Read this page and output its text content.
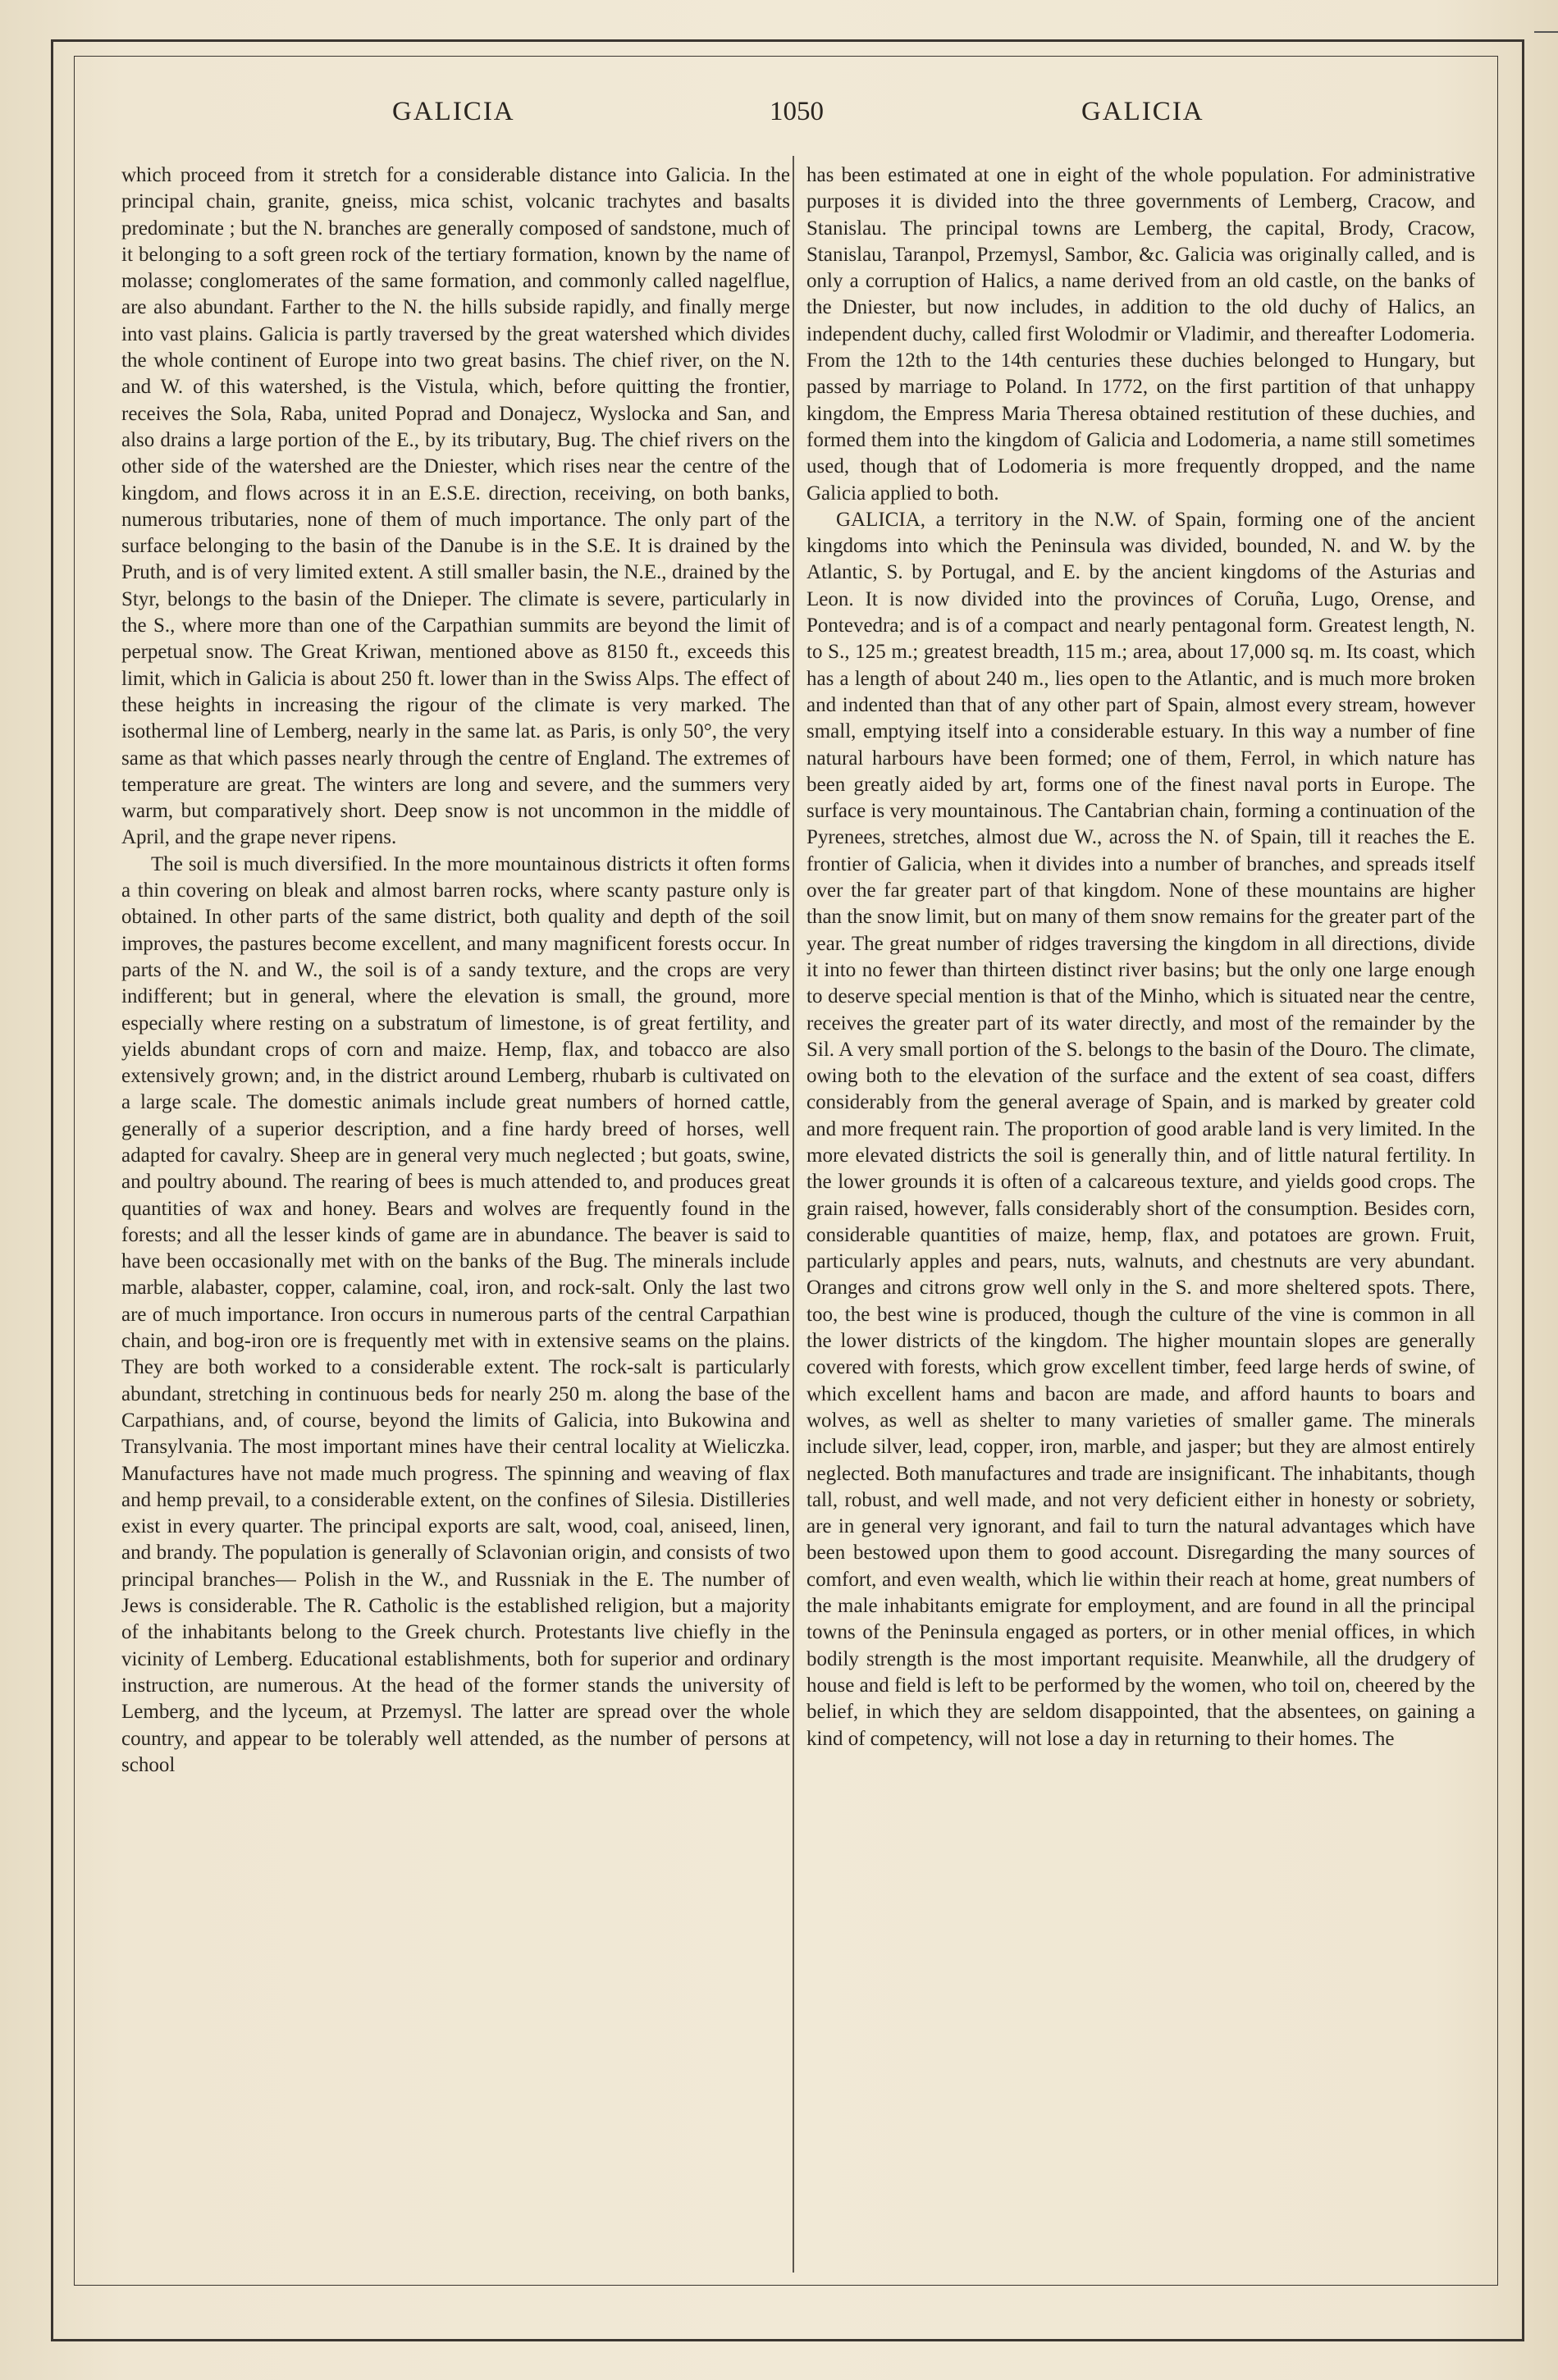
GALICIA	1050	GALICIA

which proceed from it stretch for a considerable distance into Galicia. In the principal chain, granite, gneiss, mica schist, volcanic trachytes and basalts predominate ; but the N. branches are generally composed of sandstone, much of it belonging to a soft green rock of the tertiary formation, known by the name of molasse; conglomerates of the same formation, and commonly called nagelflue, are also abundant. Farther to the N. the hills subside rapidly, and finally merge into vast plains. Galicia is partly traversed by the great watershed which divides the whole continent of Europe into two great basins. The chief river, on the N. and W. of this watershed, is the Vistula, which, before quitting the frontier, receives the Sola, Raba, united Poprad and Donajecz, Wyslocka and San, and also drains a large portion of the E., by its tributary, Bug. The chief rivers on the other side of the watershed are the Dniester, which rises near the centre of the kingdom, and flows across it in an E.S.E. direction, receiving, on both banks, numerous tributaries, none of them of much importance. The only part of the surface belonging to the basin of the Danube is in the S.E. It is drained by the Pruth, and is of very limited extent. A still smaller basin, the N.E., drained by the Styr, belongs to the basin of the Dnieper. The climate is severe, particularly in the S., where more than one of the Carpathian summits are beyond the limit of perpetual snow. The Great Kriwan, mentioned above as 8150 ft., exceeds this limit, which in Galicia is about 250 ft. lower than in the Swiss Alps. The effect of these heights in increasing the rigour of the climate is very marked. The isothermal line of Lemberg, nearly in the same lat. as Paris, is only 50°, the very same as that which passes nearly through the centre of England. The extremes of temperature are great. The winters are long and severe, and the summers very warm, but comparatively short. Deep snow is not uncommon in the middle of April, and the grape never ripens.

The soil is much diversified. In the more mountainous districts it often forms a thin covering on bleak and almost barren rocks, where scanty pasture only is obtained. In other parts of the same district, both quality and depth of the soil improves, the pastures become excellent, and many magnificent forests occur. In parts of the N. and W., the soil is of a sandy texture, and the crops are very indifferent; but in general, where the elevation is small, the ground, more especially where resting on a substratum of limestone, is of great fertility, and yields abundant crops of corn and maize. Hemp, flax, and tobacco are also extensively grown; and, in the district around Lemberg, rhubarb is cultivated on a large scale. The domestic animals include great numbers of horned cattle, generally of a superior description, and a fine hardy breed of horses, well adapted for cavalry. Sheep are in general very much neglected ; but goats, swine, and poultry abound. The rearing of bees is much attended to, and produces great quantities of wax and honey. Bears and wolves are frequently found in the forests; and all the lesser kinds of game are in abundance. The beaver is said to have been occasionally met with on the banks of the Bug. The minerals include marble, alabaster, copper, calamine, coal, iron, and rock-salt. Only the last two are of much importance. Iron occurs in numerous parts of the central Carpathian chain, and bog-iron ore is frequently met with in extensive seams on the plains. They are both worked to a considerable extent. The rock-salt is particularly abundant, stretching in continuous beds for nearly 250 m. along the base of the Carpathians, and, of course, beyond the limits of Galicia, into Bukowina and Transylvania. The most important mines have their central locality at Wieliczka. Manufactures have not made much progress. The spinning and weaving of flax and hemp prevail, to a considerable extent, on the confines of Silesia. Distilleries exist in every quarter. The principal exports are salt, wood, coal, aniseed, linen, and brandy. The population is generally of Sclavonian origin, and consists of two principal branches— Polish in the W., and Russniak in the E. The number of Jews is considerable. The R. Catholic is the established religion, but a majority of the inhabitants belong to the Greek church. Protestants live chiefly in the vicinity of Lemberg. Educational establishments, both for superior and ordinary instruction, are numerous. At the head of the former stands the university of Lemberg, and the lyceum, at Przemysl. The latter are spread over the whole country, and appear to be tolerably well attended, as the number of persons at school

has been estimated at one in eight of the whole population. For administrative purposes it is divided into the three governments of Lemberg, Cracow, and Stanislau. The principal towns are Lemberg, the capital, Brody, Cracow, Stanislau, Taranpol, Przemysl, Sambor, &c. Galicia was originally called, and is only a corruption of Halics, a name derived from an old castle, on the banks of the Dniester, but now includes, in addition to the old duchy of Halics, an independent duchy, called first Wolodmir or Vladimir, and thereafter Lodomeria. From the 12th to the 14th centuries these duchies belonged to Hungary, but passed by marriage to Poland. In 1772, on the first partition of that unhappy kingdom, the Empress Maria Theresa obtained restitution of these duchies, and formed them into the kingdom of Galicia and Lodomeria, a name still sometimes used, though that of Lodomeria is more frequently dropped, and the name Galicia applied to both.

GALICIA, a territory in the N.W. of Spain, forming one of the ancient kingdoms into which the Peninsula was divided, bounded, N. and W. by the Atlantic, S. by Portugal, and E. by the ancient kingdoms of the Asturias and Leon. It is now divided into the provinces of Coruña, Lugo, Orense, and Pontevedra; and is of a compact and nearly pentagonal form. Greatest length, N. to S., 125 m.; greatest breadth, 115 m.; area, about 17,000 sq. m. Its coast, which has a length of about 240 m., lies open to the Atlantic, and is much more broken and indented than that of any other part of Spain, almost every stream, however small, emptying itself into a considerable estuary. In this way a number of fine natural harbours have been formed; one of them, Ferrol, in which nature has been greatly aided by art, forms one of the finest naval ports in Europe. The surface is very mountainous. The Cantabrian chain, forming a continuation of the Pyrenees, stretches, almost due W., across the N. of Spain, till it reaches the E. frontier of Galicia, when it divides into a number of branches, and spreads itself over the far greater part of that kingdom. None of these mountains are higher than the snow limit, but on many of them snow remains for the greater part of the year. The great number of ridges traversing the kingdom in all directions, divide it into no fewer than thirteen distinct river basins; but the only one large enough to deserve special mention is that of the Minho, which is situated near the centre, receives the greater part of its water directly, and most of the remainder by the Sil. A very small portion of the S. belongs to the basin of the Douro. The climate, owing both to the elevation of the surface and the extent of sea coast, differs considerably from the general average of Spain, and is marked by greater cold and more frequent rain. The proportion of good arable land is very limited. In the more elevated districts the soil is generally thin, and of little natural fertility. In the lower grounds it is often of a calcareous texture, and yields good crops. The grain raised, however, falls considerably short of the consumption. Besides corn, considerable quantities of maize, hemp, flax, and potatoes are grown. Fruit, particularly apples and pears, nuts, walnuts, and chestnuts are very abundant. Oranges and citrons grow well only in the S. and more sheltered spots. There, too, the best wine is produced, though the culture of the vine is common in all the lower districts of the kingdom. The higher mountain slopes are generally covered with forests, which grow excellent timber, feed large herds of swine, of which excellent hams and bacon are made, and afford haunts to boars and wolves, as well as shelter to many varieties of smaller game. The minerals include silver, lead, copper, iron, marble, and jasper; but they are almost entirely neglected. Both manufactures and trade are insignificant. The inhabitants, though tall, robust, and well made, and not very deficient either in honesty or sobriety, are in general very ignorant, and fail to turn the natural advantages which have been bestowed upon them to good account. Disregarding the many sources of comfort, and even wealth, which lie within their reach at home, great numbers of the male inhabitants emigrate for employment, and are found in all the principal towns of the Peninsula engaged as porters, or in other menial offices, in which bodily strength is the most important requisite. Meanwhile, all the drudgery of house and field is left to be performed by the women, who toil on, cheered by the belief, in which they are seldom disappointed, that the absentees, on gaining a kind of competency, will not lose a day in returning to their homes. The
